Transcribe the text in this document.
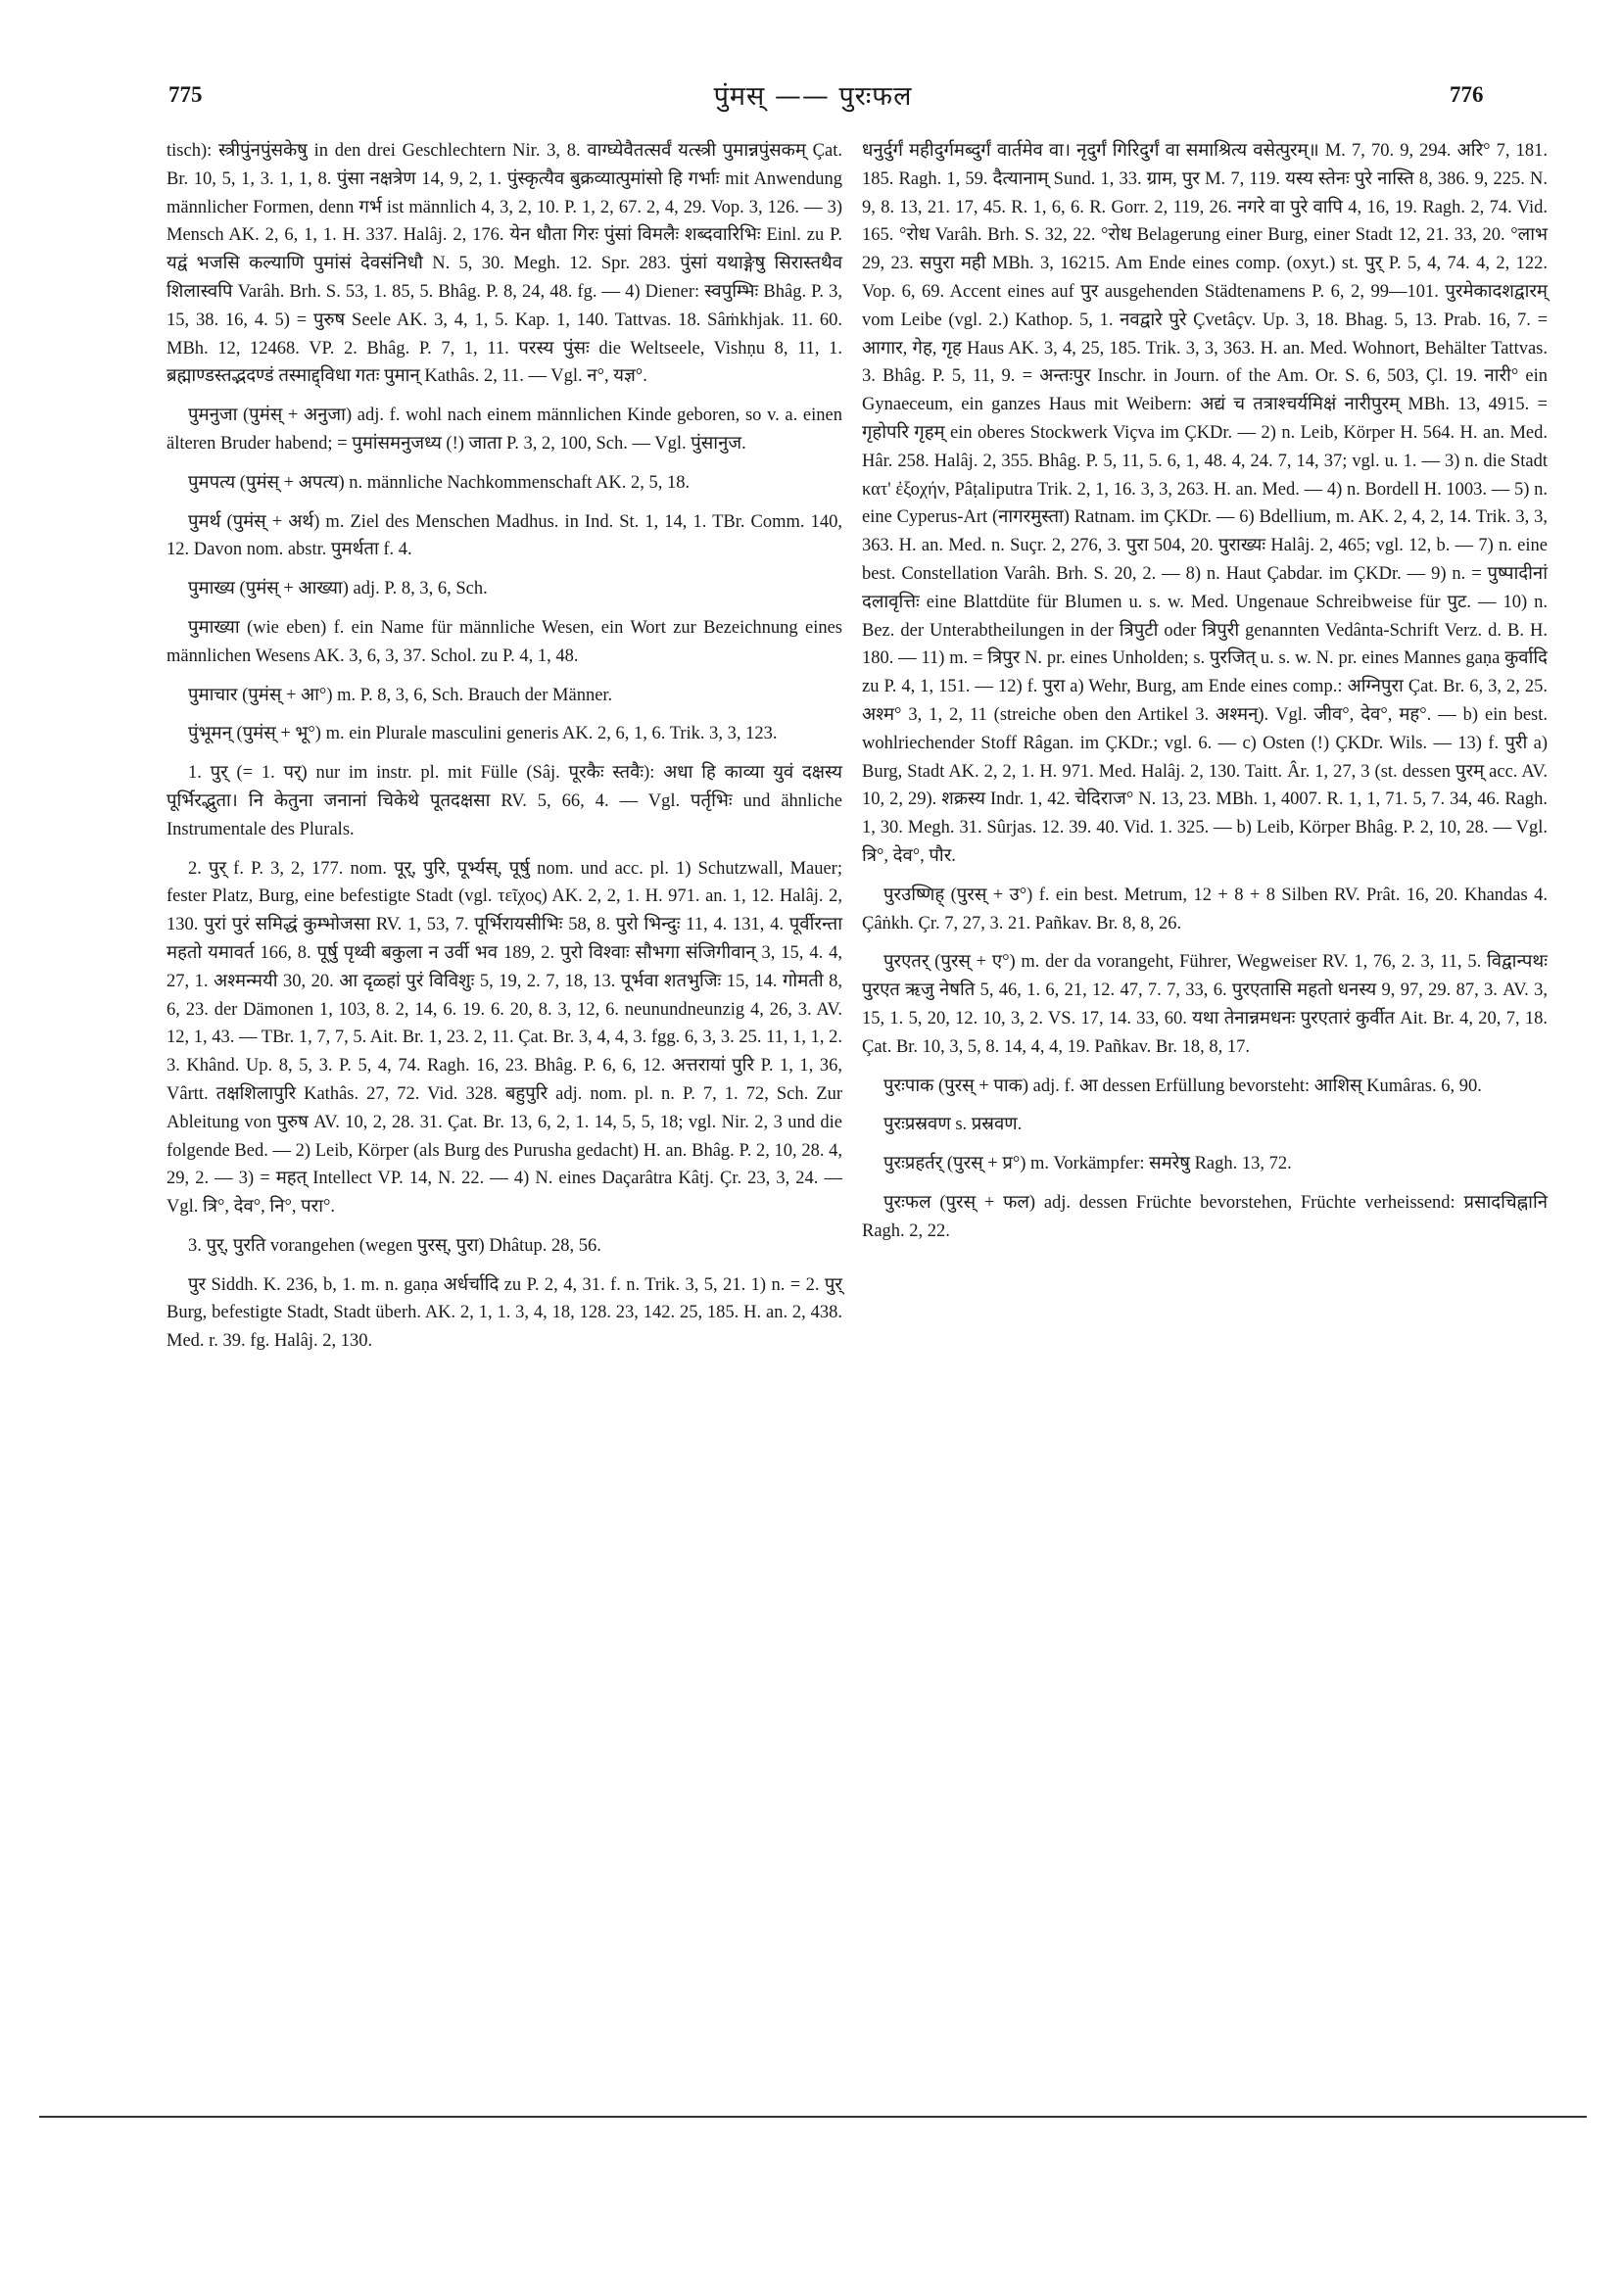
775	पुंमस् —— पुरःफल	776

tisch): स्त्रीपुंनपुंसकेषु in den drei Geschlechtern Nir. 3, 8. वाग्घ्येवैतत्सर्वं यत्स्त्री पुमान्नपुंसकम् Çat. Br. 10, 5, 1, 3. 1, 1, 8. पुंसा नक्षत्रेण 14, 9, 2, 1. पुंस्कृत्यैव बुक्रव्यात्पुमांसो हि गर्भाः mit Anwendung männlicher Formen, denn गर्भ ist männlich 4, 3, 2, 10. P. 1, 2, 67. 2, 4, 29. Vop. 3, 126. — 3) Mensch AK. 2, 6, 1, 1. H. 337. Halâj. 2, 176. येन धौता गिरः पुंसां विमलैः शब्दवारिभिः Einl. zu P. यद्वं भजसि कल्याणि पुमांसं देवसंनिधौ N. 5, 30. Megh. 12. Spr. 283. पुंसां यथाङ्गेषु सिरास्तथैव शिलास्वपि Varâh. Brh. S. 53, 1. 85, 5. Bhâg. P. 8, 24, 48. fg. — 4) Diener: स्वपुम्भिः Bhâg. P. 3, 15, 38. 16, 4. 5) = पुरुष Seele AK. 3, 4, 1, 5. Kap. 1, 140. Tattvas. 18. Sâṁkhjak. 11. 60. MBh. 12, 12468. VP. 2. Bhâg. P. 7, 1, 11. परस्य पुंसः die Weltseele, Vishṇu 8, 11, 1. ब्रह्माण्डस्तद्भदण्डं तस्माद्द्विधा गतः पुमान् Kathâs. 2, 11. — Vgl. न°, यज्ञ°.

पुमनुजा (पुमंस् + अनुजा) adj. f. wohl nach einem männlichen Kinde geboren, so v. a. einen älteren Bruder habend; = पुमांसमनुजध्य (!) जाता P. 3, 2, 100, Sch. — Vgl. पुंसानुज.

पुमपत्य (पुमंस् + अपत्य) n. männliche Nachkommenschaft AK. 2, 5, 18.

पुमर्थ (पुमंस् + अर्थ) m. Ziel des Menschen Madhus. in Ind. St. 1, 14, 1. TBr. Comm. 140, 12. Davon nom. abstr. पुमर्थता f. 4.

पुमाख्य (पुमंस् + आख्या) adj. P. 8, 3, 6, Sch.

पुमाख्या (wie eben) f. ein Name für männliche Wesen, ein Wort zur Bezeichnung eines männlichen Wesens AK. 3, 6, 3, 37. Schol. zu P. 4, 1, 48.

पुमाचार (पुमंस् + आ°) m. P. 8, 3, 6, Sch. Brauch der Männer.

पुंभूमन् (पुमंस् + भू°) m. ein Plurale masculini generis AK. 2, 6, 1, 6. Trik. 3, 3, 123.

1. पुर् (= 1. पर्) nur im instr. pl. mit Fülle (Sâj. पूरकैः स्तवैः): अधा हि काव्या युवं दक्षस्य पूर्भिरद्भुता। नि केतुना जनानां चिकेथे पूतदक्षसा RV. 5, 66, 4. — Vgl. पर्तृभिः und ähnliche Instrumentale des Plurals.

2. पुर् f. P. 3, 2, 177. nom. पूर्, पुरि, पूर्भ्यस्, पूर्षु nom. und acc. pl. 1) Schutzwall, Mauer; fester Platz, Burg, eine befestigte Stadt (vgl. τεῖχος) AK. 2, 2, 1. H. 971. an. 1, 12. Halâj. 2, 130. पुरां पुरं समिद्धं कुम्भोजसा RV. 1, 53, 7. पूर्भिरायसीभिः 58, 8. पुरो भिन्दुः 11, 4. 131, 4. पूर्वीरन्ता महतो यमावर्त 166, 8. पूर्षु पृथ्वी बकुला न उर्वी भव 189, 2. पुरो विश्वाः सौभगा संजिगीवान् 3, 15, 4. 4, 27, 1. अश्मन्मयी 30, 20. आ दृळ्हां पुरं विविशुः 5, 19, 2. 7, 18, 13. पूर्भवा शतभुजिः 15, 14. गोमती 8, 6, 23. der Dämonen 1, 103, 8. 2, 14, 6. 19. 6. 20, 8. 3, 12, 6. neunundneunzig 4, 26, 3. AV. 12, 1, 43. — TBr. 1, 7, 7, 5. Ait. Br. 1, 23. 2, 11. Çat. Br. 3, 4, 4, 3. fgg. 6, 3, 3. 25. 11, 1, 1, 2. 3. Khând. Up. 8, 5, 3. P. 5, 4, 74. Ragh. 16, 23. Bhâg. P. 6, 6, 12. अत्तरायां पुरि P. 1, 1, 36, Vârtt. तक्षशिलापुरि Kathâs. 27, 72. Vid. 328. बहुपुरि adj. nom. pl. n. P. 7, 1. 72, Sch. Zur Ableitung von पुरुष AV. 10, 2, 28. 31. Çat. Br. 13, 6, 2, 1. 14, 5, 5, 18; vgl. Nir. 2, 3 und die folgende Bed. — 2) Leib, Körper (als Burg des Purusha gedacht) H. an. Bhâg. P. 2, 10, 28. 4, 29, 2. — 3) = महत् Intellect VP. 14, N. 22. — 4) N. eines Daçarâtra Kâtj. Çr. 23, 3, 24. — Vgl. त्रि°, देव°, नि°, परा°.

3. पुर्, पुरति vorangehen (wegen पुरस्, पुरा) Dhâtup. 28, 56.

पुर Siddh. K. 236, b, 1. m. n. gaṇa अर्धर्चादि zu P. 2, 4, 31. f. n. Trik. 3, 5, 21. 1) n. = 2. पुर् Burg, befestigte Stadt, Stadt überh. AK. 2, 1, 1. 3, 4, 18, 128. 23, 142. 25, 185. H. an. 2, 438. Med. r. 39. fg. Halâj. 2, 130.

धनुर्दुर्गं महीदुर्गमब्दुर्गं वार्तमेव वा। नृदुर्गं गिरिदुर्गं वा समाश्रित्य वसेत्पुरम्॥ M. 7, 70. 9, 294. अरि° 7, 181. 185. Ragh. 1, 59. दैत्यानाम् Sund. 1, 33. ग्राम, पुर M. 7, 119. यस्य स्तेनः पुरे नास्ति 8, 386. 9, 225. N. 9, 8. 13, 21. 17, 45. R. 1, 6, 6. R. Gorr. 2, 119, 26. नगरे वा पुरे वापि 4, 16, 19. Ragh. 2, 74. Vid. 165. °रोध Varâh. Brh. S. 32, 22. °रोध Belagerung einer Burg, einer Stadt 12, 21. 33, 20. °लाभ 29, 23. सपुरा मही MBh. 3, 16215. Am Ende eines comp. (oxyt.) st. पुर् P. 5, 4, 74. 4, 2, 122. Vop. 6, 69. Accent eines auf पुर ausgehenden Städtenamens P. 6, 2, 99—101. पुरमेकादशद्वारम् vom Leibe (vgl. 2.) Kathop. 5, 1. नवद्वारे पुरे Çvetâçv. Up. 3, 18. Bhag. 5, 13. Prab. 16, 7. = आगार, गेह, गृह Haus AK. 3, 4, 25, 185. Trik. 3, 3, 363. H. an. Med. Wohnort, Behälter Tattvas. 3. Bhâg. P. 5, 11, 9. = अन्तःपुर Inschr. in Journ. of the Am. Or. S. 6, 503, Çl. 19. नारी° ein Gynaeceum, ein ganzes Haus mit Weibern: अद्यं च तत्राश्चर्यमिक्षं नारीपुरम् MBh. 13, 4915. = गृहोपरि गृहम् ein oberes Stockwerk Viçva im ÇKDr. — 2) n. Leib, Körper H. 564. H. an. Med. Hâr. 258. Halâj. 2, 355. Bhâg. P. 5, 11, 5. 6, 1, 48. 4, 24. 7, 14, 37; vgl. u. 1. — 3) n. die Stadt κατ' ἐξοχήν, Pâṭaliputra Trik. 2, 1, 16. 3, 3, 263. H. an. Med. — 4) n. Bordell H. 1003. — 5) n. eine Cyperus-Art (नागरमुस्ता) Ratnam. im ÇKDr. — 6) Bdellium, m. AK. 2, 4, 2, 14. Trik. 3, 3, 363. H. an. Med. n. Suçr. 2, 276, 3. पुरा 504, 20. पुराख्यः Halâj. 2, 465; vgl. 12, b. — 7) n. eine best. Constellation Varâh. Brh. S. 20, 2. — 8) n. Haut Çabdar. im ÇKDr. — 9) n. = पुष्पादीनां दलावृत्तिः eine Blattdüte für Blumen u. s. w. Med. Ungenaue Schreibweise für पुट. — 10) n. Bez. der Unterabtheilungen in der त्रिपुटी oder त्रिपुरी genannten Vedânta-Schrift Verz. d. B. H. 180. — 11) m. = त्रिपुर N. pr. eines Unholden; s. पुरजित् u. s. w. N. pr. eines Mannes gaṇa कुर्वादि zu P. 4, 1, 151. — 12) f. पुरा a) Wehr, Burg, am Ende eines comp.: अग्निपुरा Çat. Br. 6, 3, 2, 25. अश्म° 3, 1, 2, 11 (streiche oben den Artikel 3. अश्मन्). Vgl. जीव°, देव°, मह°. — b) ein best. wohlriechender Stoff Râgan. im ÇKDr.; vgl. 6. — c) Osten (!) ÇKDr. Wils. — 13) f. पुरी a) Burg, Stadt AK. 2, 2, 1. H. 971. Med. Halâj. 2, 130. Taitt. Âr. 1, 27, 3 (st. dessen पुरम् acc. AV. 10, 2, 29). शक्रस्य Indr. 1, 42. चेदिराज° N. 13, 23. MBh. 1, 4007. R. 1, 1, 71. 5, 7. 34, 46. Ragh. 1, 30. Megh. 31. Sûrjas. 12. 39. 40. Vid. 1. 325. — b) Leib, Körper Bhâg. P. 2, 10, 28. — Vgl. त्रि°, देव°, पौर.

पुरउष्णिह् (पुरस् + उ°) f. ein best. Metrum, 12 + 8 + 8 Silben RV. Prât. 16, 20. Khandas 4. Çâṅkh. Çr. 7, 27, 3. 21. Pañkav. Br. 8, 8, 26.

पुरएतर् (पुरस् + ए°) m. der da vorangeht, Führer, Wegweiser RV. 1, 76, 2. 3, 11, 5. विद्वान्पथः पुरएत ऋजु नेषति 5, 46, 1. 6, 21, 12. 47, 7. 7, 33, 6. पुरएतासि महतो धनस्य 9, 97, 29. 87, 3. AV. 3, 15, 1. 5, 20, 12. 10, 3, 2. VS. 17, 14. 33, 60. यथा तेनान्नमधनः पुरएतारं कुर्वीत Ait. Br. 4, 20, 7, 18. Çat. Br. 10, 3, 5, 8. 14, 4, 4, 19. Pañkav. Br. 18, 8, 17.

पुरःपाक (पुरस् + पाक) adj. f. आ dessen Erfüllung bevorsteht: आशिस् Kumâras. 6, 90.

पुरःप्रस्रवण s. प्रस्रवण.

पुरःप्रहर्तर् (पुरस् + प्र°) m. Vorkämpfer: समरेषु Ragh. 13, 72.

पुरःफल (पुरस् + फल) adj. dessen Früchte bevorstehen, Früchte verheissend: प्रसादचिह्नानि Ragh. 2, 22.
